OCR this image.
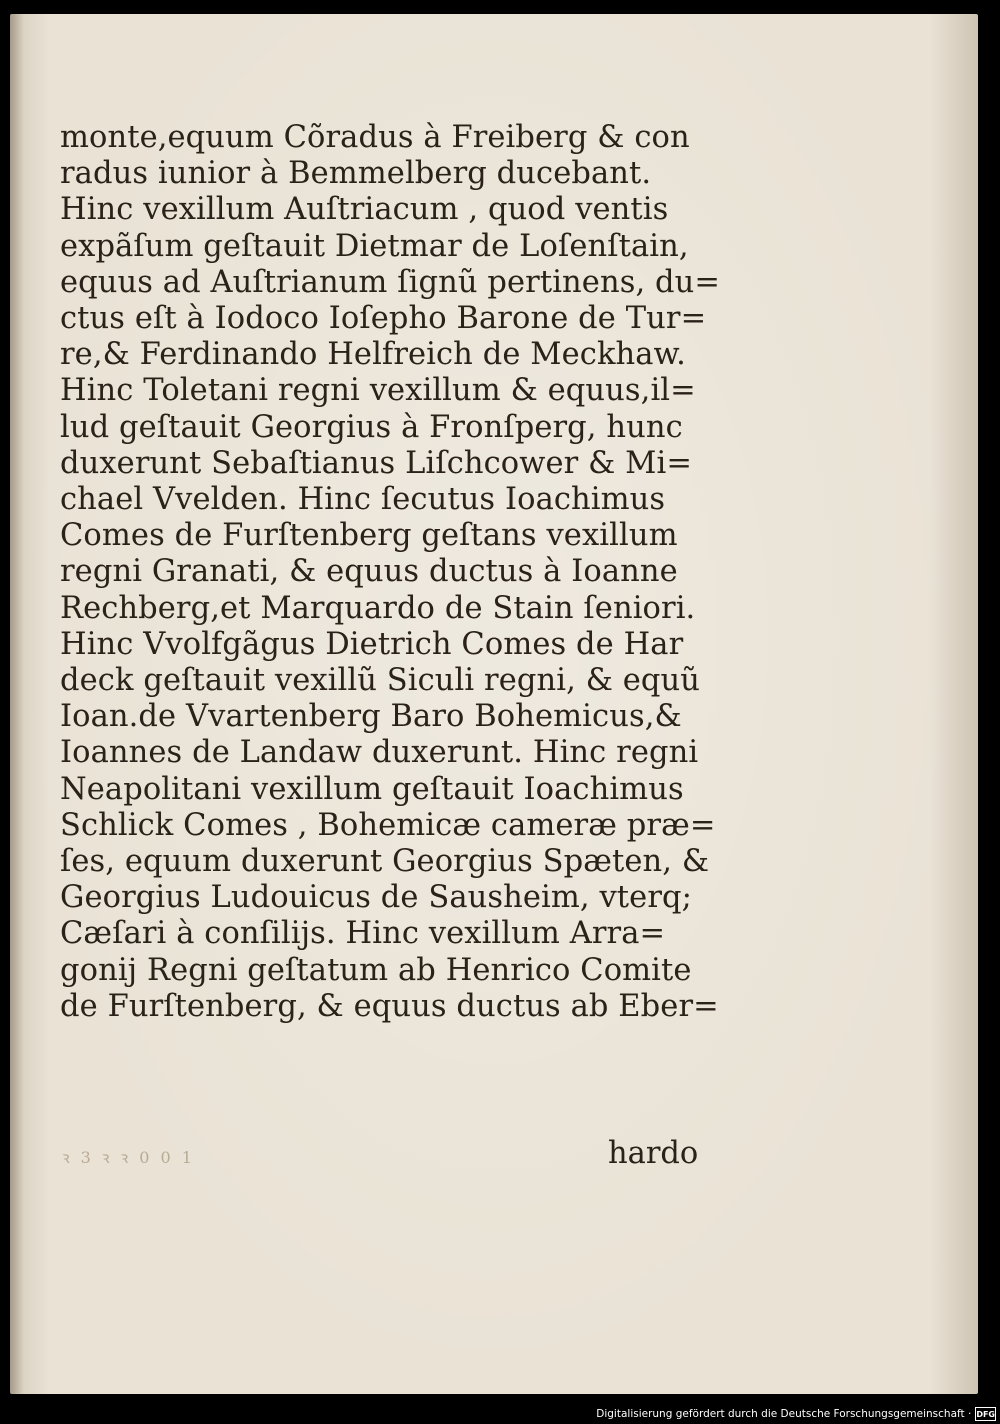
monte,equum Cõradus à Freiberg & con

radus iunior à Bemmelberg ducebant.

Hinc vexillum Auſtriacum , quod ventis

expãſum geſtauit Dietmar de Loſenſtain,

equus ad Auſtrianum ſignũ pertinens, du=

ctus eſt à Iodoco Ioſepho Barone de Tur=

re,& Ferdinando Helfreich de Meckhaw.

Hinc Toletani regni vexillum & equus,il=

lud geſtauit Georgius à Fronſperg, hunc

duxerunt Sebaſtianus Liſchcower & Mi=

chael Vvelden. Hinc ſecutus Ioachimus

Comes de Furſtenberg geſtans vexillum

regni Granati, & equus ductus à Ioanne

Rechberg,et Marquardo de Stain ſeniori.

Hinc Vvolfgãgus Dietrich Comes de Har

deck geſtauit vexillũ Siculi regni, & equũ

Ioan.de Vvartenberg Baro Bohemicus,&

Ioannes de Landaw duxerunt. Hinc regni

Neapolitani vexillum geſtauit Ioachimus

Schlick Comes , Bohemicæ cameræ præ=

ſes, equum duxerunt Georgius Spæten, &

Georgius Ludouicus de Sausheim, vterq;

Cæſari à conſilijs. Hinc vexillum Arra=

gonij Regni geſtatum ab Henrico Comite

de Furſtenberg, & equus ductus ab Eber=

ꝛ 3 ꝛ ꝛ 0 0 1	hardo
Digitalisierung gefördert durch die Deutsche Forschungsgemeinschaft · DFG
